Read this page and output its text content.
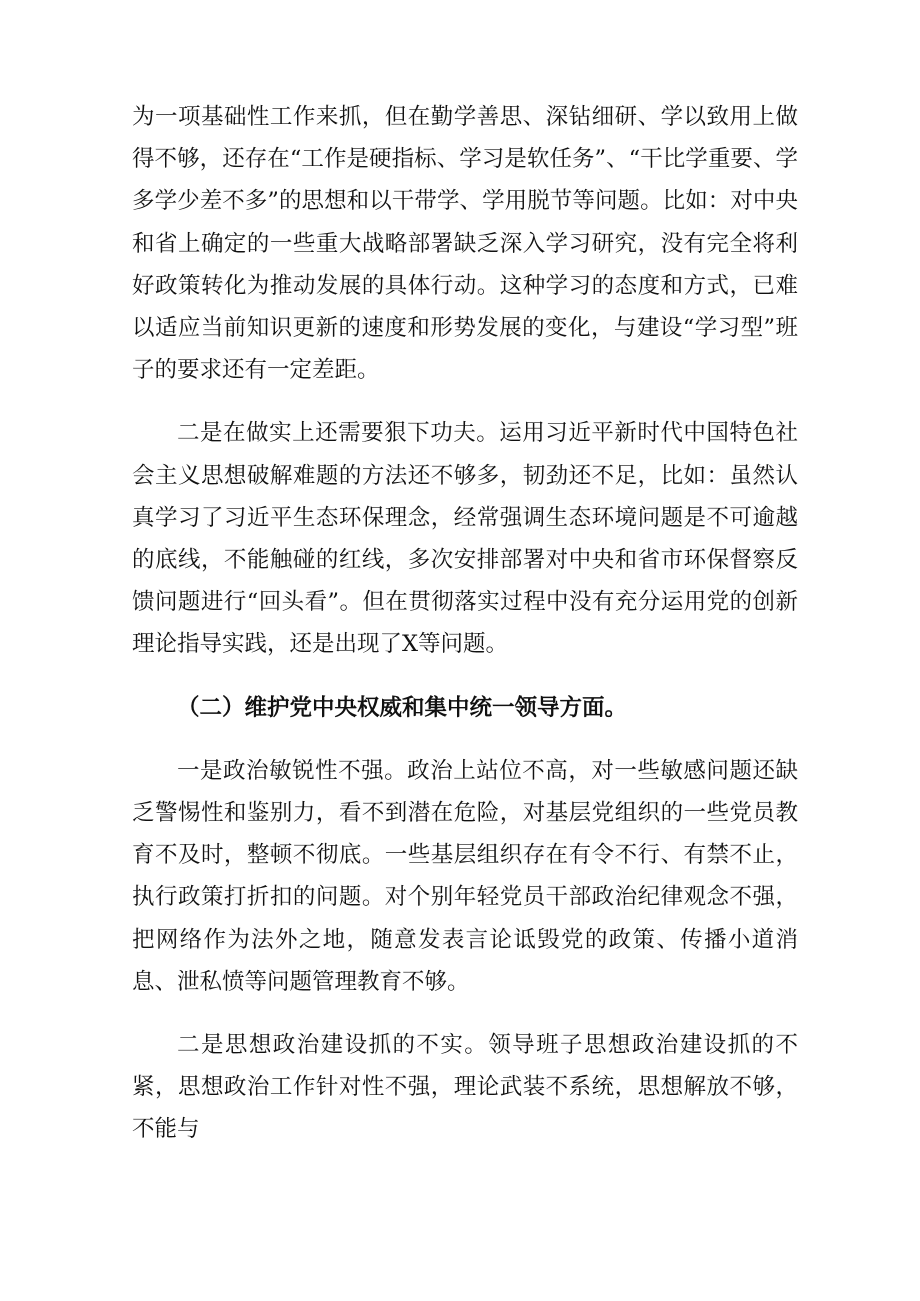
为一项基础性工作来抓，但在勤学善思、深钻细研、学以致用上做得不够，还存在“工作是硬指标、学习是软任务”、“干比学重要、学多学少差不多”的思想和以干带学、学用脱节等问题。比如：对中央和省上确定的一些重大战略部署缺乏深入学习研究，没有完全将利好政策转化为推动发展的具体行动。这种学习的态度和方式，已难以适应当前知识更新的速度和形势发展的变化，与建设“学习型”班子的要求还有一定差距。

二是在做实上还需要狠下功夫。运用习近平新时代中国特色社会主义思想破解难题的方法还不够多，韧劲还不足，比如：虽然认真学习了习近平生态环保理念，经常强调生态环境问题是不可逾越的底线，不能触碰的红线，多次安排部署对中央和省市环保督察反馈问题进行“回头看”。但在贯彻落实过程中没有充分运用党的创新理论指导实践，还是出现了X等问题。

（二）维护党中央权威和集中统一领导方面。

一是政治敏锐性不强。政治上站位不高，对一些敏感问题还缺乏警惕性和鉴别力，看不到潜在危险，对基层党组织的一些党员教育不及时，整顿不彻底。一些基层组织存在有令不行、有禁不止，执行政策打折扣的问题。对个别年轻党员干部政治纪律观念不强，把网络作为法外之地，随意发表言论诋毁党的政策、传播小道消息、泄私愤等问题管理教育不够。

二是思想政治建设抓的不实。领导班子思想政治建设抓的不紧，思想政治工作针对性不强，理论武装不系统，思想解放不够，不能与
